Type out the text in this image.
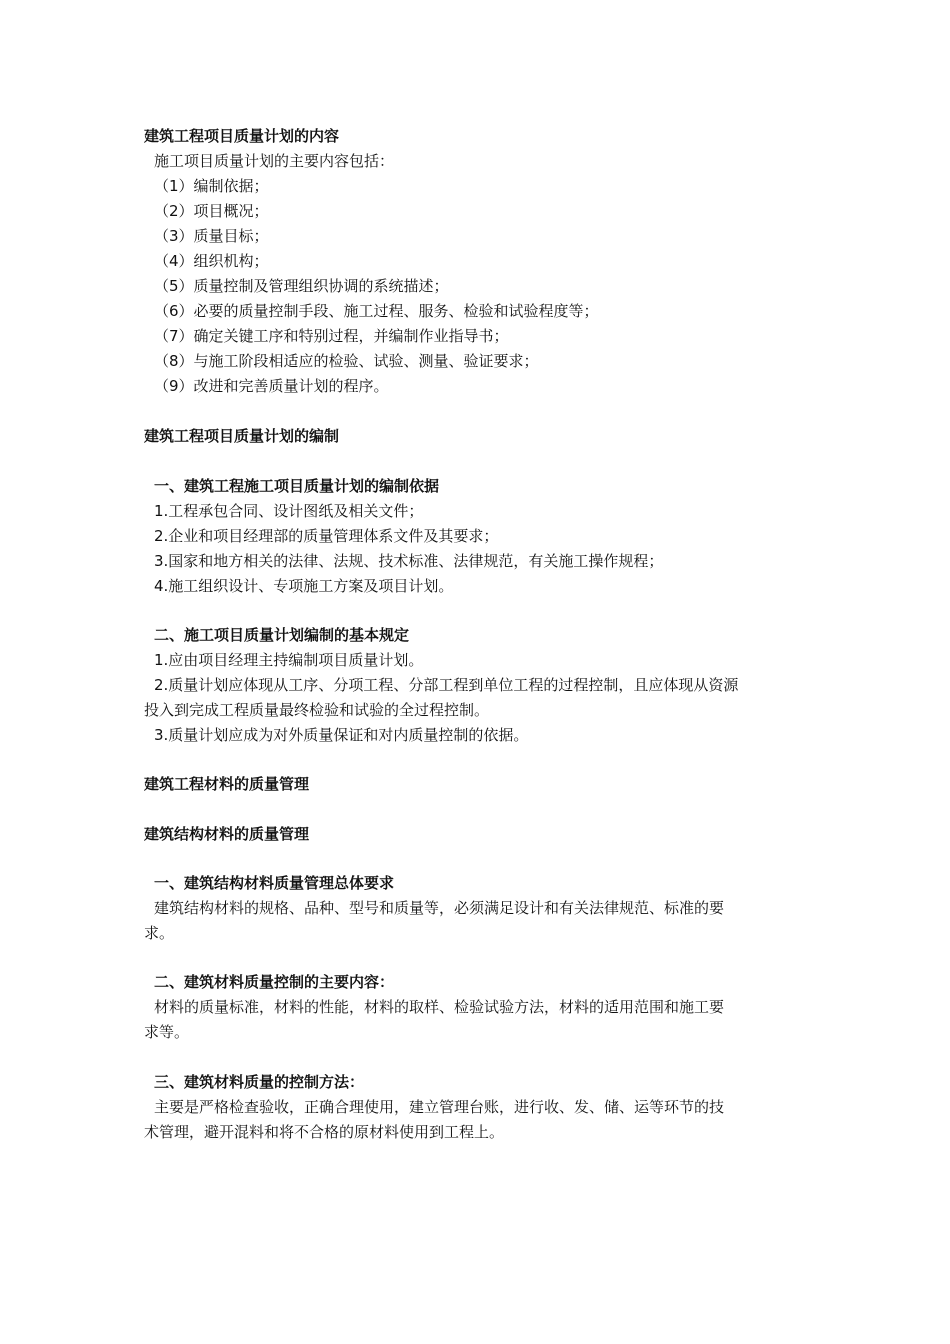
建筑工程项目质量计划的内容

施工项目质量计划的主要内容包括：

（1）编制依据；

（2）项目概况；

（3）质量目标；

（4）组织机构；

（5）质量控制及管理组织协调的系统描述；

（6）必要的质量控制手段、施工过程、服务、检验和试验程度等；

（7）确定关键工序和特别过程，并编制作业指导书；

（8）与施工阶段相适应的检验、试验、测量、验证要求；

（9）改进和完善质量计划的程序。

建筑工程项目质量计划的编制

一、建筑工程施工项目质量计划的编制依据

1.工程承包合同、设计图纸及相关文件；

2.企业和项目经理部的质量管理体系文件及其要求；

3.国家和地方相关的法律、法规、技术标准、法律规范，有关施工操作规程；

4.施工组织设计、专项施工方案及项目计划。

二、施工项目质量计划编制的基本规定

1.应由项目经理主持编制项目质量计划。

2.质量计划应体现从工序、分项工程、分部工程到单位工程的过程控制，且应体现从资源

投入到完成工程质量最终检验和试验的全过程控制。

3.质量计划应成为对外质量保证和对内质量控制的依据。

建筑工程材料的质量管理

建筑结构材料的质量管理

一、建筑结构材料质量管理总体要求

建筑结构材料的规格、品种、型号和质量等，必须满足设计和有关法律规范、标准的要

求。

二、建筑材料质量控制的主要内容：

材料的质量标准，材料的性能，材料的取样、检验试验方法，材料的适用范围和施工要

求等。

三、建筑材料质量的控制方法：

主要是严格检查验收，正确合理使用，建立管理台账，进行收、发、储、运等环节的技

术管理，避开混料和将不合格的原材料使用到工程上。
